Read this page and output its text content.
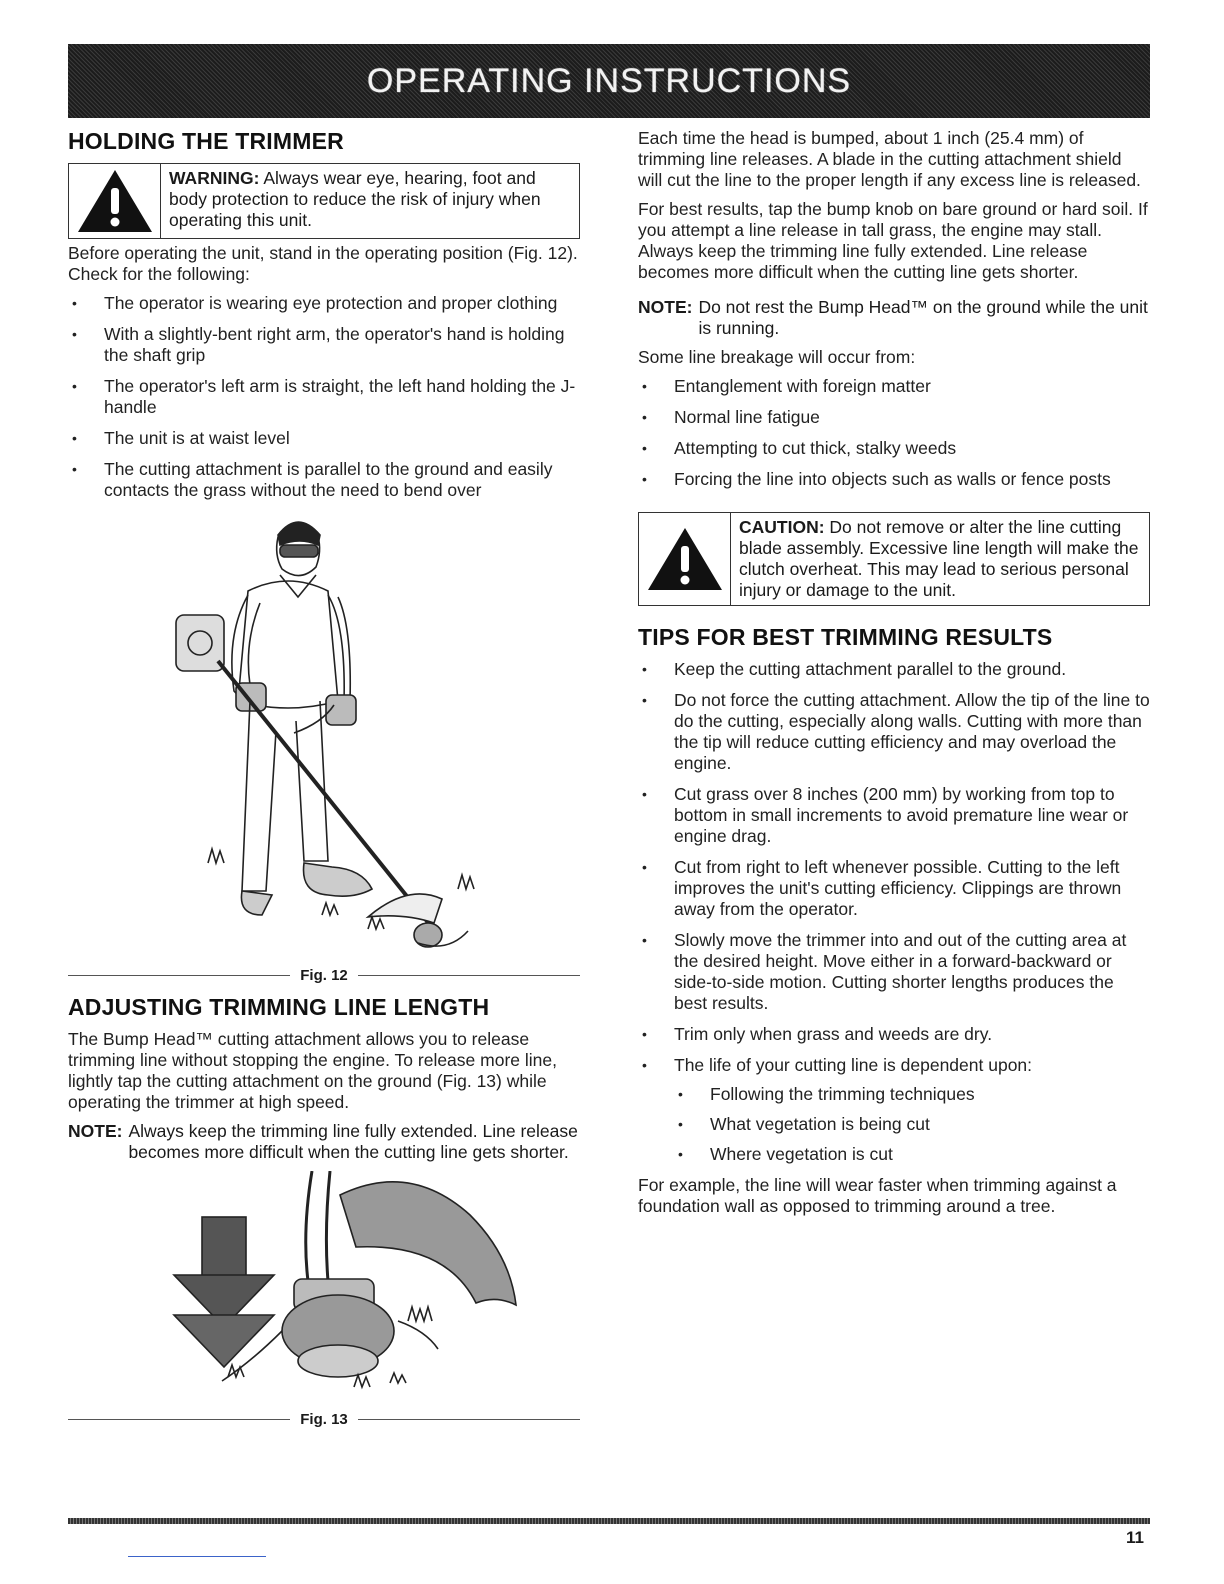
OPERATING INSTRUCTIONS
HOLDING THE TRIMMER
WARNING: Always wear eye, hearing, foot and body protection to reduce the risk of injury when operating this unit.

Before operating the unit, stand in the operating position (Fig. 12). Check for the following:

• The operator is wearing eye protection and proper clothing
• With a slightly-bent right arm, the operator's hand is holding the shaft grip
• The operator's left arm is straight, the left hand holding the J-handle
• The unit is at waist level
• The cutting attachment is parallel to the ground and easily contacts the grass without the need to bend over
Fig. 12
ADJUSTING TRIMMING LINE LENGTH

The Bump Head™ cutting attachment allows you to release trimming line without stopping the engine. To release more line, lightly tap the cutting attachment on the ground (Fig. 13) while operating the trimmer at high speed.

NOTE: Always keep the trimming line fully extended. Line release becomes more difficult when the cutting line gets shorter.
Fig. 13

Each time the head is bumped, about 1 inch (25.4 mm) of trimming line releases. A blade in the cutting attachment shield will cut the line to the proper length if any excess line is released.

For best results, tap the bump knob on bare ground or hard soil. If you attempt a line release in tall grass, the engine may stall. Always keep the trimming line fully extended. Line release becomes more difficult when the cutting line gets shorter.

NOTE: Do not rest the Bump Head™ on the ground while the unit is running.

Some line breakage will occur from:

• Entanglement with foreign matter
• Normal line fatigue
• Attempting to cut thick, stalky weeds
• Forcing the line into objects such as walls or fence posts
CAUTION: Do not remove or alter the line cutting blade assembly. Excessive line length will make the clutch overheat. This may lead to serious personal injury or damage to the unit.
TIPS FOR BEST TRIMMING RESULTS
• Keep the cutting attachment parallel to the ground.
• Do not force the cutting attachment. Allow the tip of the line to do the cutting, especially along walls. Cutting with more than the tip will reduce cutting efficiency and may overload the engine.
• Cut grass over 8 inches (200 mm) by working from top to bottom in small increments to avoid premature line wear or engine drag.
• Cut from right to left whenever possible. Cutting to the left improves the unit's cutting efficiency. Clippings are thrown away from the operator.
• Slowly move the trimmer into and out of the cutting area at the desired height. Move either in a forward-backward or side-to-side motion. Cutting shorter lengths produces the best results.
• Trim only when grass and weeds are dry.
• The life of your cutting line is dependent upon:
• Following the trimming techniques
• What vegetation is being cut
• Where vegetation is cut

For example, the line will wear faster when trimming against a foundation wall as opposed to trimming around a tree.

11
